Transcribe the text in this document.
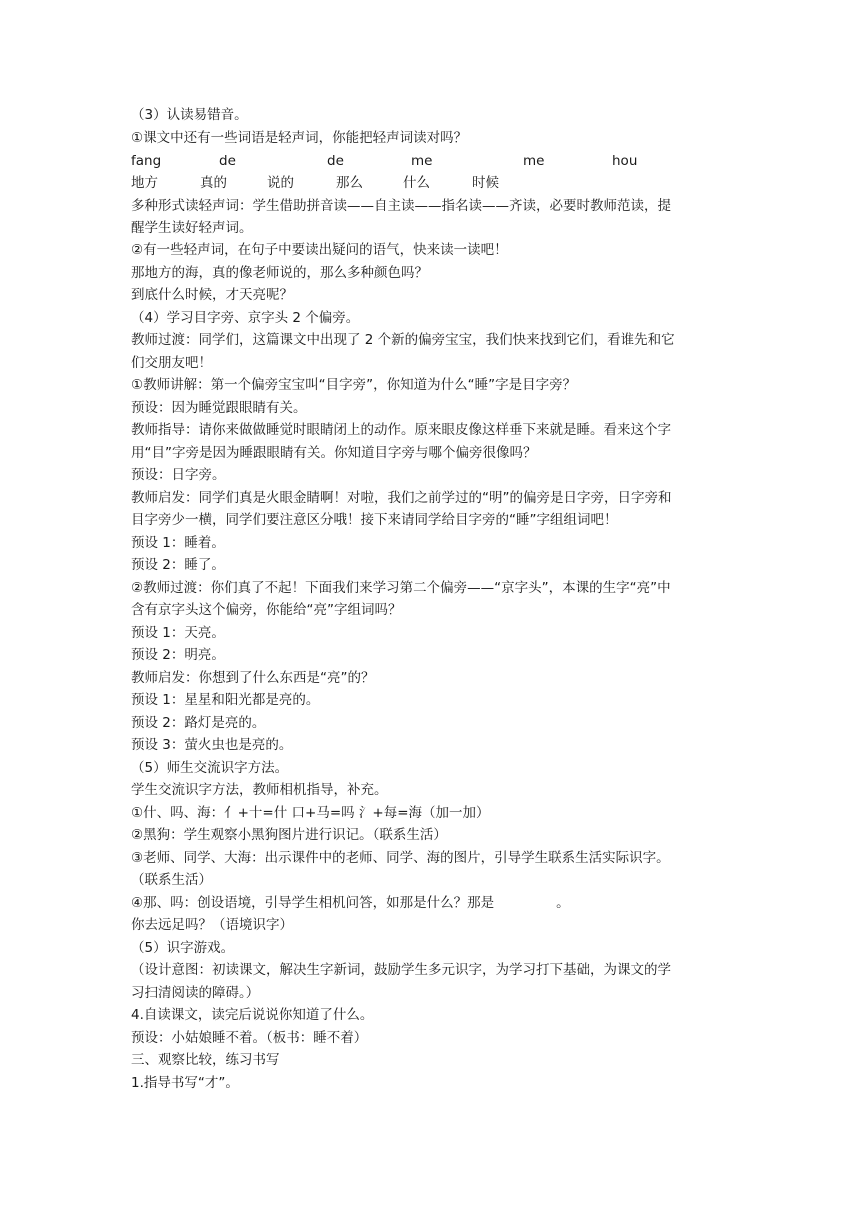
（3）认读易错音。
①课文中还有一些词语是轻声词，你能把轻声词读对吗？
fang	de	de	me	me	hou
地方	真的	说的	那么	什么	时候
多种形式读轻声词：学生借助拼音读——自主读——指名读——齐读，必要时教师范读，提
醒学生读好轻声词。
②有一些轻声词，在句子中要读出疑问的语气，快来读一读吧！
那地方的海，真的像老师说的，那么多种颜色吗？
到底什么时候，才天亮呢？
（4）学习目字旁、京字头 2 个偏旁。
教师过渡：同学们，这篇课文中出现了 2 个新的偏旁宝宝，我们快来找到它们，看谁先和它
们交朋友吧！
①教师讲解：第一个偏旁宝宝叫“目字旁”，你知道为什么“睡”字是目字旁？
预设：因为睡觉跟眼睛有关。
教师指导：请你来做做睡觉时眼睛闭上的动作。原来眼皮像这样垂下来就是睡。看来这个字
用“目”字旁是因为睡跟眼睛有关。你知道目字旁与哪个偏旁很像吗？
预设：日字旁。
教师启发：同学们真是火眼金睛啊！对啦，我们之前学过的“明”的偏旁是日字旁，日字旁和
目字旁少一横，同学们要注意区分哦！接下来请同学给目字旁的“睡”字组组词吧！
预设 1：睡着。
预设 2：睡了。
②教师过渡：你们真了不起！下面我们来学习第二个偏旁——“京字头”，本课的生字“亮”中
含有京字头这个偏旁，你能给“亮”字组词吗？
预设 1：天亮。
预设 2：明亮。
教师启发：你想到了什么东西是“亮”的？
预设 1：星星和阳光都是亮的。
预设 2：路灯是亮的。
预设 3：萤火虫也是亮的。
（5）师生交流识字方法。
学生交流识字方法，教师相机指导，补充。
①什、吗、海：亻+十=什 口+马=吗 氵+每=海（加一加）
②黑狗：学生观察小黑狗图片进行识记。（联系生活）
③老师、同学、大海：出示课件中的老师、同学、海的图片，引导学生联系生活实际识字。
（联系生活）
④那、吗：创设语境，引导学生相机问答，如那是什么？那是	。
你去远足吗？（语境识字）
（5）识字游戏。
（设计意图：初读课文，解决生字新词，鼓励学生多元识字，为学习打下基础，为课文的学
习扫清阅读的障碍。）
4.自读课文，读完后说说你知道了什么。
预设：小姑娘睡不着。（板书：睡不着）
三、观察比较，练习书写
1.指导书写“才”。
